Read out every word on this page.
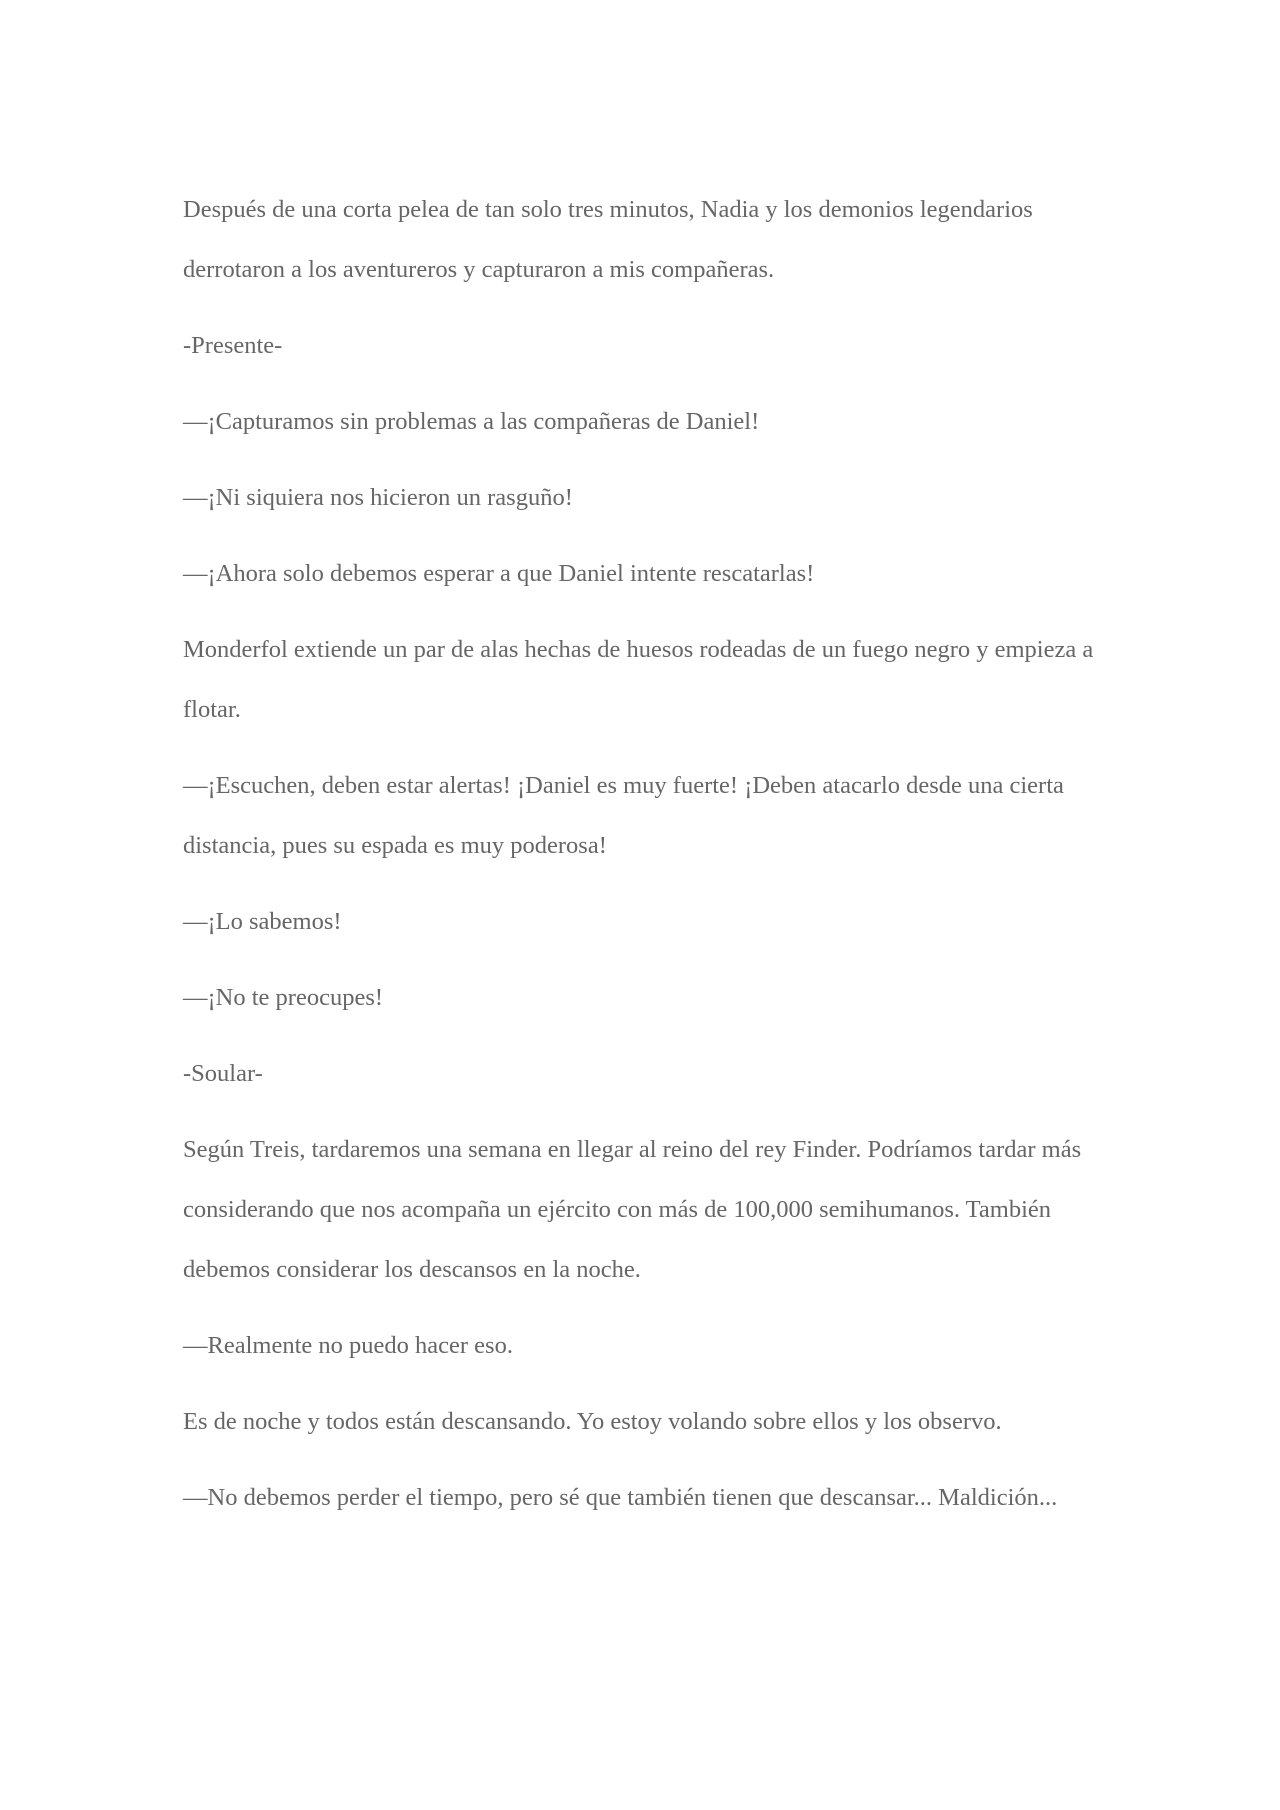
Después de una corta pelea de tan solo tres minutos, Nadia y los demonios legendarios derrotaron a los aventureros y capturaron a mis compañeras.

-Presente-

—¡Capturamos sin problemas a las compañeras de Daniel!

—¡Ni siquiera nos hicieron un rasguño!

—¡Ahora solo debemos esperar a que Daniel intente rescatarlas!

Monderfol extiende un par de alas hechas de huesos rodeadas de un fuego negro y empieza a flotar.

—¡Escuchen, deben estar alertas! ¡Daniel es muy fuerte! ¡Deben atacarlo desde una cierta distancia, pues su espada es muy poderosa!

—¡Lo sabemos!

—¡No te preocupes!

-Soular-

Según Treis, tardaremos una semana en llegar al reino del rey Finder. Podríamos tardar más considerando que nos acompaña un ejército con más de 100,000 semihumanos. También debemos considerar los descansos en la noche.

—Realmente no puedo hacer eso.

Es de noche y todos están descansando. Yo estoy volando sobre ellos y los observo.

—No debemos perder el tiempo, pero sé que también tienen que descansar... Maldición...
